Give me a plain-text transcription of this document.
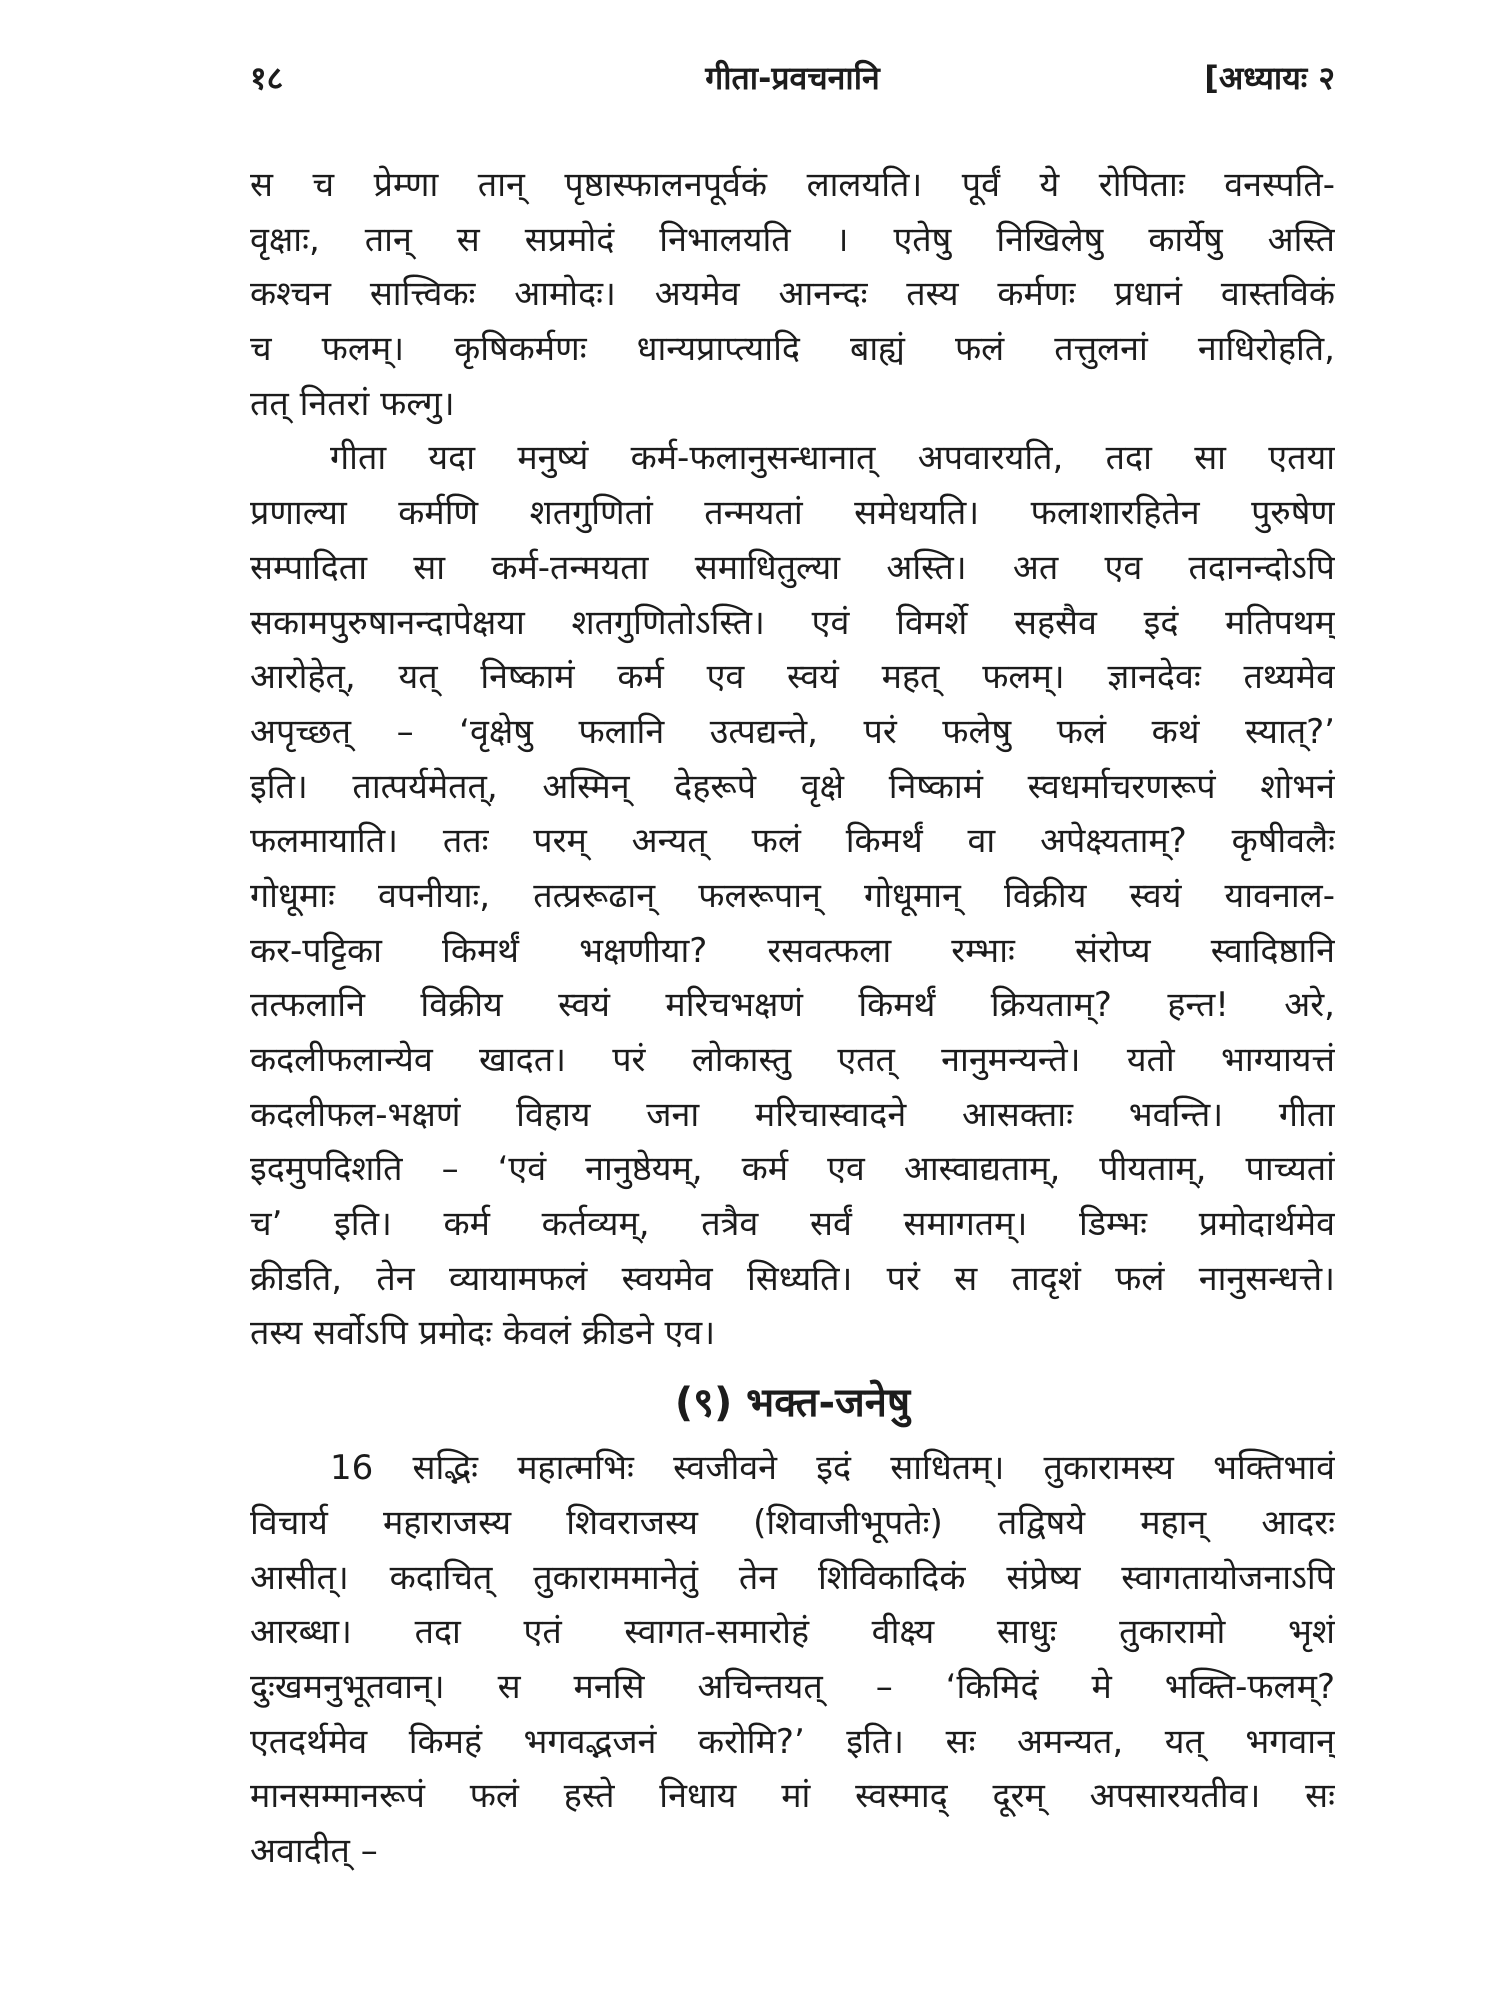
१८	गीता-प्रवचनानि	[अध्यायः २

स च प्रेम्णा तान् पृष्ठास्फालनपूर्वकं लालयति। पूर्वं ये रोपिताः वनस्पति-
वृक्षाः, तान् स सप्रमोदं निभालयति । एतेषु निखिलेषु कार्येषु अस्ति
कश्चन सात्त्विकः आमोदः। अयमेव आनन्दः तस्य कर्मणः प्रधानं वास्तविकं
च फलम्। कृषिकर्मणः धान्यप्राप्त्यादि बाह्यं फलं तत्तुलनां नाधिरोहति,
तत् नितरां फल्गु।

गीता यदा मनुष्यं कर्म-फलानुसन्धानात् अपवारयति, तदा सा एतया
प्रणाल्या कर्मणि शतगुणितां तन्मयतां समेधयति। फलाशारहितेन पुरुषेण
सम्पादिता सा कर्म-तन्मयता समाधितुल्या अस्ति। अत एव तदानन्दोऽपि
सकामपुरुषानन्दापेक्षया शतगुणितोऽस्ति। एवं विमर्शे सहसैव इदं मतिपथम्
आरोहेत्, यत् निष्कामं कर्म एव स्वयं महत् फलम्। ज्ञानदेवः तथ्यमेव
अपृच्छत् – ‘वृक्षेषु फलानि उत्पद्यन्ते, परं फलेषु फलं कथं स्यात्?’
इति। तात्पर्यमेतत्, अस्मिन् देहरूपे वृक्षे निष्कामं स्वधर्माचरणरूपं शोभनं
फलमायाति। ततः परम् अन्यत् फलं किमर्थं वा अपेक्ष्यताम्? कृषीवलैः
गोधूमाः वपनीयाः, तत्प्ररूढान् फलरूपान् गोधूमान् विक्रीय स्वयं यावनाल-
कर-पट्टिका किमर्थं भक्षणीया? रसवत्फला रम्भाः संरोप्य स्वादिष्ठानि
तत्फलानि विक्रीय स्वयं मरिचभक्षणं किमर्थं क्रियताम्? हन्त! अरे,
कदलीफलान्येव खादत। परं लोकास्तु एतत् नानुमन्यन्ते। यतो भाग्यायत्तं
कदलीफल-भक्षणं विहाय जना मरिचास्वादने आसक्ताः भवन्ति। गीता
इदमुपदिशति – ‘एवं नानुष्ठेयम्, कर्म एव आस्वाद्यताम्, पीयताम्, पाच्यतां
च’ इति। कर्म कर्तव्यम्, तत्रैव सर्वं समागतम्। डिम्भः प्रमोदार्थमेव
क्रीडति, तेन व्यायामफलं स्वयमेव सिध्यति। परं स तादृशं फलं नानुसन्धत्ते।
तस्य सर्वोऽपि प्रमोदः केवलं क्रीडने एव।

(९) भक्त-जनेषु

16 सद्भिः महात्मभिः स्वजीवने इदं साधितम्। तुकारामस्य भक्तिभावं
विचार्य महाराजस्य शिवराजस्य (शिवाजीभूपतेः) तद्विषये महान् आदरः
आसीत्। कदाचित् तुकाराममानेतुं तेन शिविकादिकं संप्रेष्य स्वागतायोजनाऽपि
आरब्धा। तदा एतं स्वागत-समारोहं वीक्ष्य साधुः तुकारामो भृशं
दुःखमनुभूतवान्। स मनसि अचिन्तयत् – ‘किमिदं मे भक्ति-फलम्?
एतदर्थमेव किमहं भगवद्भजनं करोमि?’ इति। सः अमन्यत, यत् भगवान्
मानसम्मानरूपं फलं हस्ते निधाय मां स्वस्माद् दूरम् अपसारयतीव। सः
अवादीत् –
